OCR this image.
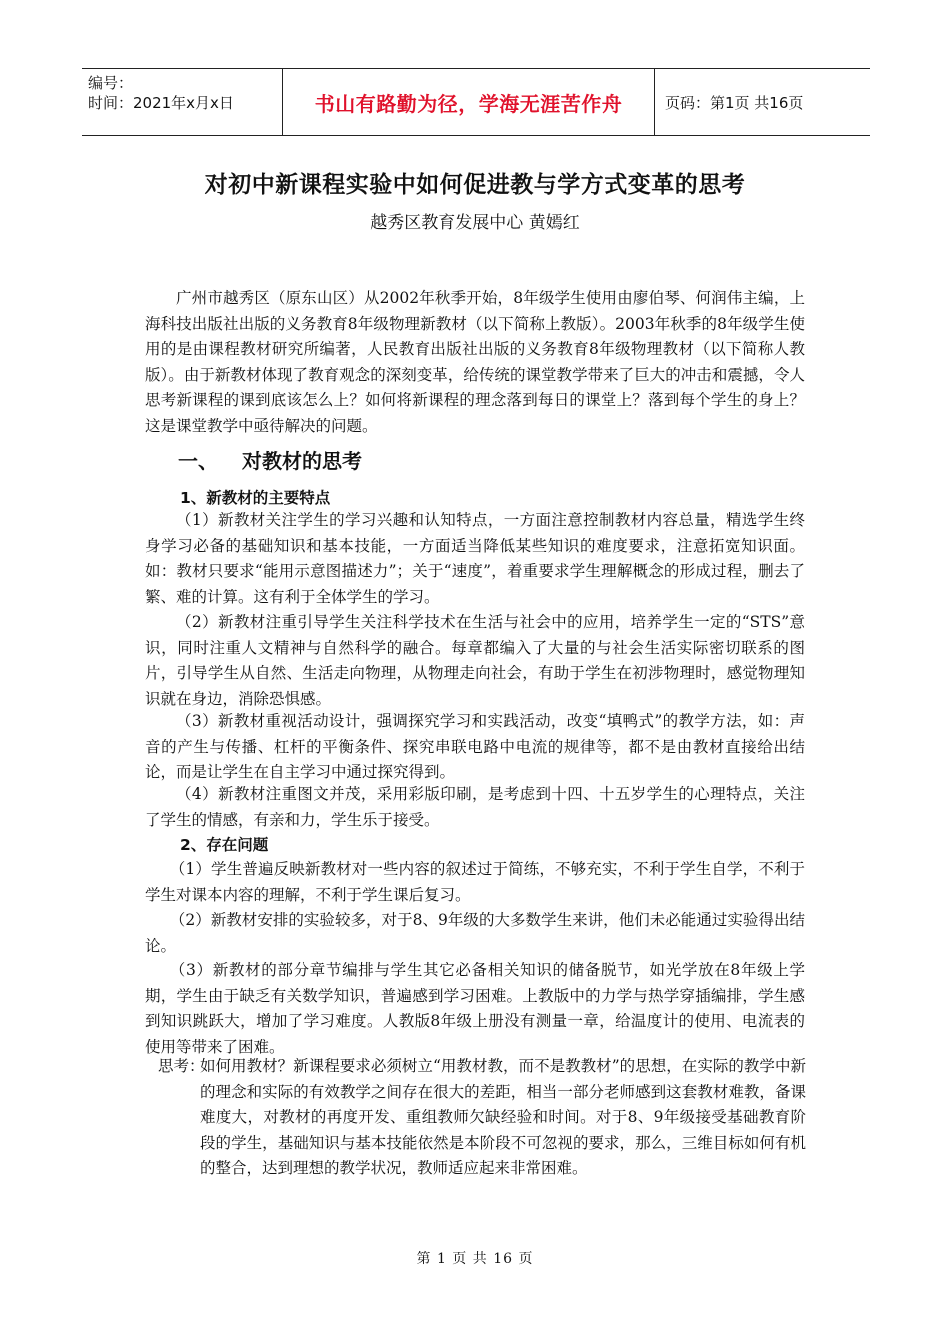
编号：
时间：2021年x月x日	书山有路勤为径，学海无涯苦作舟	页码：第1页 共16页
对初中新课程实验中如何促进教与学方式变革的思考
越秀区教育发展中心 黄嫣红

广州市越秀区（原东山区）从2002年秋季开始，8年级学生使用由廖伯琴、何润伟主编，上海科技出版社出版的义务教育8年级物理新教材（以下简称上教版）。2003年秋季的8年级学生使用的是由课程教材研究所编著，人民教育出版社出版的义务教育8年级物理教材（以下简称人教版）。由于新教材体现了教育观念的深刻变革，给传统的课堂教学带来了巨大的冲击和震撼，令人思考新课程的课到底该怎么上？如何将新课程的理念落到每日的课堂上？落到每个学生的身上？这是课堂教学中亟待解决的问题。

一、 对教材的思考
1、新教材的主要特点

（1）新教材关注学生的学习兴趣和认知特点，一方面注意控制教材内容总量，精选学生终身学习必备的基础知识和基本技能，一方面适当降低某些知识的难度要求，注意拓宽知识面。如：教材只要求“能用示意图描述力”；关于“速度”，着重要求学生理解概念的形成过程，删去了繁、难的计算。这有利于全体学生的学习。

（2）新教材注重引导学生关注科学技术在生活与社会中的应用，培养学生一定的“STS”意识，同时注重人文精神与自然科学的融合。每章都编入了大量的与社会生活实际密切联系的图片，引导学生从自然、生活走向物理，从物理走向社会，有助于学生在初涉物理时，感觉物理知识就在身边，消除恐惧感。

（3）新教材重视活动设计，强调探究学习和实践活动，改变“填鸭式”的教学方法，如：声音的产生与传播、杠杆的平衡条件、探究串联电路中电流的规律等，都不是由教材直接给出结论，而是让学生在自主学习中通过探究得到。

（4）新教材注重图文并茂，采用彩版印刷，是考虑到十四、十五岁学生的心理特点，关注了学生的情感，有亲和力，学生乐于接受。

2、存在问题

（1）学生普遍反映新教材对一些内容的叙述过于简练，不够充实，不利于学生自学，不利于学生对课本内容的理解，不利于学生课后复习。

（2）新教材安排的实验较多，对于8、9年级的大多数学生来讲，他们未必能通过实验得出结论。

（3）新教材的部分章节编排与学生其它必备相关知识的储备脱节，如光学放在8年级上学期，学生由于缺乏有关数学知识，普遍感到学习困难。上教版中的力学与热学穿插编排，学生感到知识跳跃大，增加了学习难度。人教版8年级上册没有测量一章，给温度计的使用、电流表的使用等带来了困难。

思考：

如何用教材？新课程要求必须树立“用教材教，而不是教教材”的思想，在实际的教学中新的理念和实际的有效教学之间存在很大的差距，相当一部分老师感到这套教材难教，备课难度大，对教材的再度开发、重组教师欠缺经验和时间。对于8、9年级接受基础教育阶段的学生，基础知识与基本技能依然是本阶段不可忽视的要求，那么，三维目标如何有机的整合，达到理想的教学状况，教师适应起来非常困难。

第 1 页 共 16 页
